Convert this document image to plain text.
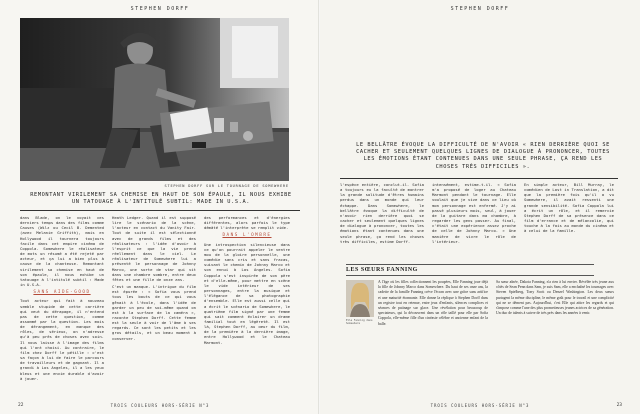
STEPHEN DORFF
STEPHEN DORFF SUR LE TOURNAGE DE SOMEWHERE
REMONTANT VIRILEMENT SA CHEMISE EN HAUT DE SON ÉPAULE, IL NOUS EXHIBE UN TATOUAGE À L'INTITULÉ SUBTIL: MADE IN U.S.A.

dans Blade, on le voyait ces derniers temps dans des films comme Causes (Wilz ou Cecil B. Demented (avec Melanie Griffith), mais en Hollywood il tournera toujours facile dans cet empire cinéma de Coppola. Somewhere le réalisateur de mots un résumé a été rejeté par acteur, et ça lui a bien plus à cause de la chanteuse. Remontant virilement sa chemise en haut de son épaule, il nous exhibe un tatouage à l'intitulé subtil : Made in U.S.A.

SANS AIDE-GOOD

Tout acteur qui fait à nouveau semble stupide de cette carrière qui veut du dérapage, il n'entend pas de cette question, comme assommé par la question. Les mois de dérangement, en manque des rôles, de sérieux, on n'adresse qu'à peu près de choses avec soin. Il nous laisse à l'image des films qui l'ont choisi. Au contraire, le film chez Dorff le pétille : c'est sa façon à lui de faire le parcours de travailleurs et de gagnant. Il a grandi à Los Angeles, il a les yeux bleus et une envie durable d'avoir à jouer.

Heath Ledger. Quand il est supposé lire le scénario de la scène, l'acteur en contact du Vanity Fair. Tout de suite il est sélectionné avec de grands films et des réalisateurs : l'idée d'avoir à l'esprit ce que la vie prend réellement dans le ciel. Le réalisateur de Somewhere lui a présenté le personnage de Johnny Marco, une sorte de star qui vit dans une chambre sombre, entre deux fêtes et une fille de onze ans.

C'est un manque. L'intrigue du film est épurée : « Sofia vous prend tous les bouts de ce qui vous gênait à l'école, dans l'idée de garder un peu de soi-même quand on est à la surface de la caméra », raconte Stephen Dorff. Cette femme est la seule à voir de l'âme à ses regards. Ce sont les petits et les gros détails, et un beau moment à conserver.

des performances et d'énergies différentes, alors parfois le type démâté l'interprète se remplit vide.

DANS L'OMBRE

Une introspection silencieuse dans ce qu'on pourrait appeler le ventre mou de la gloire personnelle, une comédie sans cris et sans fracas, suivant le chemin de Johnny Marco et son ennui à Los Angeles. Sofia Coppola s'est inspirée de son père et d'elle-même, pour mettre en scène le vide intérieur de ses personnages, entre la musique et l'élégance de sa photographie d'ensemble. Elle est aussi celle qui a écrit le scénario de Somewhere, le quatrième film signé par une femme qui sait comment éclairer un drame familial tout en légèreté. Il est là, Stephen Dorff, au cœur du film, de la première à la dernière image, entre Hollywood et le Chateau Marmont.

22	TROIS COULEURS HORS-SÉRIE N°3
STEPHEN DORFF
23
TROIS COULEURS HORS-SÉRIE N°3
LE BELLÂTRE ÉVOQUE LA DIFFICULTÉ DE N'AVOIR « RIEN DERRIÈRE QUOI SE CACHER ET SEULEMENT QUELQUES LIGNES DE DIALOGUE À PRONONCER, TOUTES LES ÉMOTIONS ÉTANT CONTENUES DANS UNE SEULE PHRASE, ÇA REND LES CHOSES TRÈS DIFFICILES ».

l'espèce entière, conclut-il. Sofia a toujours eu la faculté de montrer la grande solitude d'êtres humains perdus dans un monde qui leur échappe. Dans Somewhere, le bellâtre évoque la difficulté de n'avoir rien derrière quoi se cacher et seulement quelques lignes de dialogue à prononcer, toutes les émotions étant contenues dans une seule phrase, ça rend les choses très difficiles, estime Dorff.

intensément, estime-t-il. « Sofia m'a proposé de loger au Chateau Marmont pendant le tournage. Elle voulait que je vive dans ce lieu où mon personnage est enfermé. J'y ai passé plusieurs mois, seul, à jouer de la guitare dans ma chambre, à regarder les gens passer. Au final, c'était une expérience assez proche de celle de Johnny Marco. » Une manière de vivre le rôle de l'intérieur.

En simple acteur, Bill Murray, le comédien de Lost in Translation, a dit que la première fois qu'il a vu Somewhere, il avait ressenti une grande sensibilité. Sofia Coppola lui a écrit un rôle, et il remercie Stephen Dorff de sa présence dans ce film d'errance et de mélancolie, qui touche à la fois au monde du cinéma et à celui de la famille.

LES SŒURS FANNING
Elle Fanning dans Somewhere

À l'âge où les filles collectionnent les poupées, Elle Fanning joue déjà la fille de Johnny Marco dans Somewhere. Du haut de ses onze ans, la cadette de la famille Fanning crève l'écran avec une grâce sans artifice et une maturité étonnante. Elle donne la réplique à Stephen Dorff dans un registre tout en retenue, entre jeux d'enfants, silences complices et séances de patinage sur glace. Une révélation pour beaucoup de spectateurs, qui la découvrent dans un rôle taillé pour elle par Sofia Coppola, elle-même fille d'un cinéaste célèbre et ancienne enfant de la balle.

Sa sœur aînée, Dakota Fanning, n'a rien à lui envier. Révélée très jeune aux côtés de Sean Penn dans Sam, je suis Sam, elle a enchaîné les tournages avec Steven Spielberg, Tony Scott ou Denzel Washington. Les deux sœurs partagent la même discipline, le même goût pour le travail et une complicité qui ne se dément pas. Aujourd'hui, c'est Elle qui attire les regards et qui s'impose comme l'une des plus prometteuses jeunes actrices de sa génération. Un duo de talents à suivre de très près dans les années à venir.
